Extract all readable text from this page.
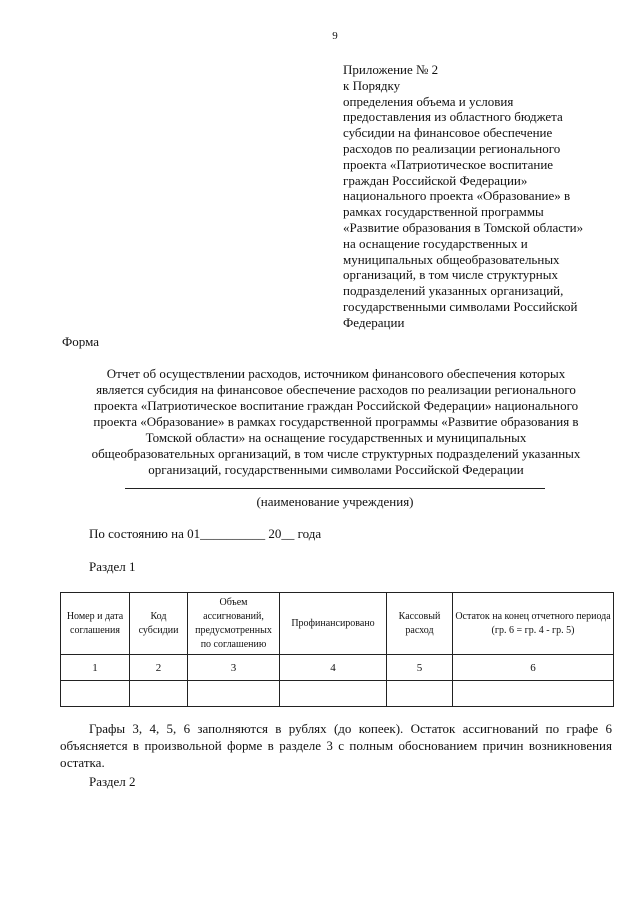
9
Приложение № 2
к Порядку
определения объема и условия
предоставления из областного бюджета
субсидии на финансовое обеспечение
расходов по реализации регионального
проекта «Патриотическое воспитание
граждан Российской Федерации»
национального проекта «Образование» в
рамках государственной программы
«Развитие образования в Томской области»
на оснащение государственных и
муниципальных общеобразовательных
организаций, в том числе структурных
подразделений указанных организаций,
государственными символами Российской
Федерации
Форма
Отчет об осуществлении расходов, источником финансового обеспечения которых
является субсидия на финансовое обеспечение расходов по реализации регионального
проекта «Патриотическое воспитание граждан Российской Федерации» национального
проекта «Образование» в рамках государственной программы «Развитие образования в
Томской области» на оснащение государственных и муниципальных
общеобразовательных организаций, в том числе структурных подразделений указанных
организаций, государственными символами Российской Федерации
(наименование учреждения)
По состоянию на 01__________ 20__ года
Раздел 1
Номер и дата соглашения	Код субсидии	Объем ассигнований, предусмотренных по соглашению	Профинансировано	Кассовый расход	Остаток на конец отчетного периода (гр. 6 = гр. 4 - гр. 5)
1	2	3	4	5	6

Графы 3, 4, 5, 6 заполняются в рублях (до копеек). Остаток ассигнований по графе 6 объясняется в произвольной форме в разделе 3 с полным обоснованием причин возникновения остатка.
Раздел 2
